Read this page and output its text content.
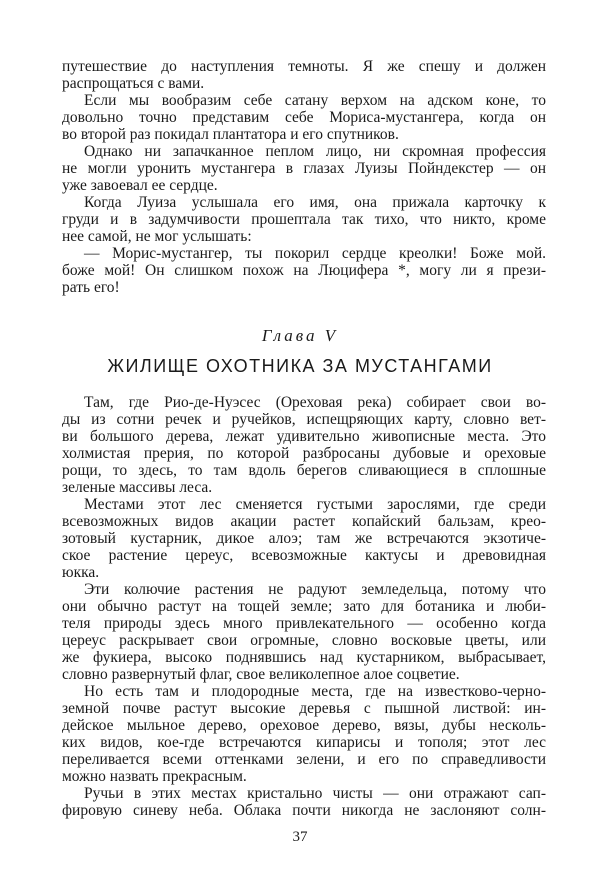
путешествие до наступления темноты. Я же спешу и должен
распрощаться с вами.
Если мы вообразим себе сатану верхом на адском коне, то
довольно точно представим себе Мориса-мустангера, когда он
во второй раз покидал плантатора и его спутников.
Однако ни запачканное пеплом лицо, ни скромная профессия
не могли уронить мустангера в глазах Луизы Пойндекстер — он
уже завоевал ее сердце.
Когда Луиза услышала его имя, она прижала карточку к
груди и в задумчивости прошептала так тихо, что никто, кроме
нее самой, не мог услышать:
— Морис-мустангер, ты покорил сердце креолки! Боже мой.
боже мой! Он слишком похож на Люцифера *, могу ли я прези-
рать его!
Глава V
ЖИЛИЩЕ ОХОТНИКА ЗА МУСТАНГАМИ
Там, где Рио-де-Нуэсес (Ореховая река) собирает свои во-
ды из сотни речек и ручейков, испещряющих карту, словно вет-
ви большого дерева, лежат удивительно живописные места. Это
холмистая прерия, по которой разбросаны дубовые и ореховые
рощи, то здесь, то там вдоль берегов сливающиеся в сплошные
зеленые массивы леса.
Местами этот лес сменяется густыми зарослями, где среди
всевозможных видов акации растет копайский бальзам, крео-
зотовый кустарник, дикое алоэ; там же встречаются экзотиче-
ское растение цереус, всевозможные кактусы и древовидная
юкка.
Эти колючие растения не радуют земледельца, потому что
они обычно растут на тощей земле; зато для ботаника и люби-
теля природы здесь много привлекательного — особенно когда
цереус раскрывает свои огромные, словно восковые цветы, или
же фукиера, высоко поднявшись над кустарником, выбрасывает,
словно развернутый флаг, свое великолепное алое соцветие.
Но есть там и плодородные места, где на известково-черно-
земной почве растут высокие деревья с пышной листвой: ин-
дейское мыльное дерево, ореховое дерево, вязы, дубы несколь-
ких видов, кое-где встречаются кипарисы и тополя; этот лес
переливается всеми оттенками зелени, и его по справедливости
можно назвать прекрасным.
Ручьи в этих местах кристально чисты — они отражают сап-
фировую синеву неба. Облака почти никогда не заслоняют солн-
37
